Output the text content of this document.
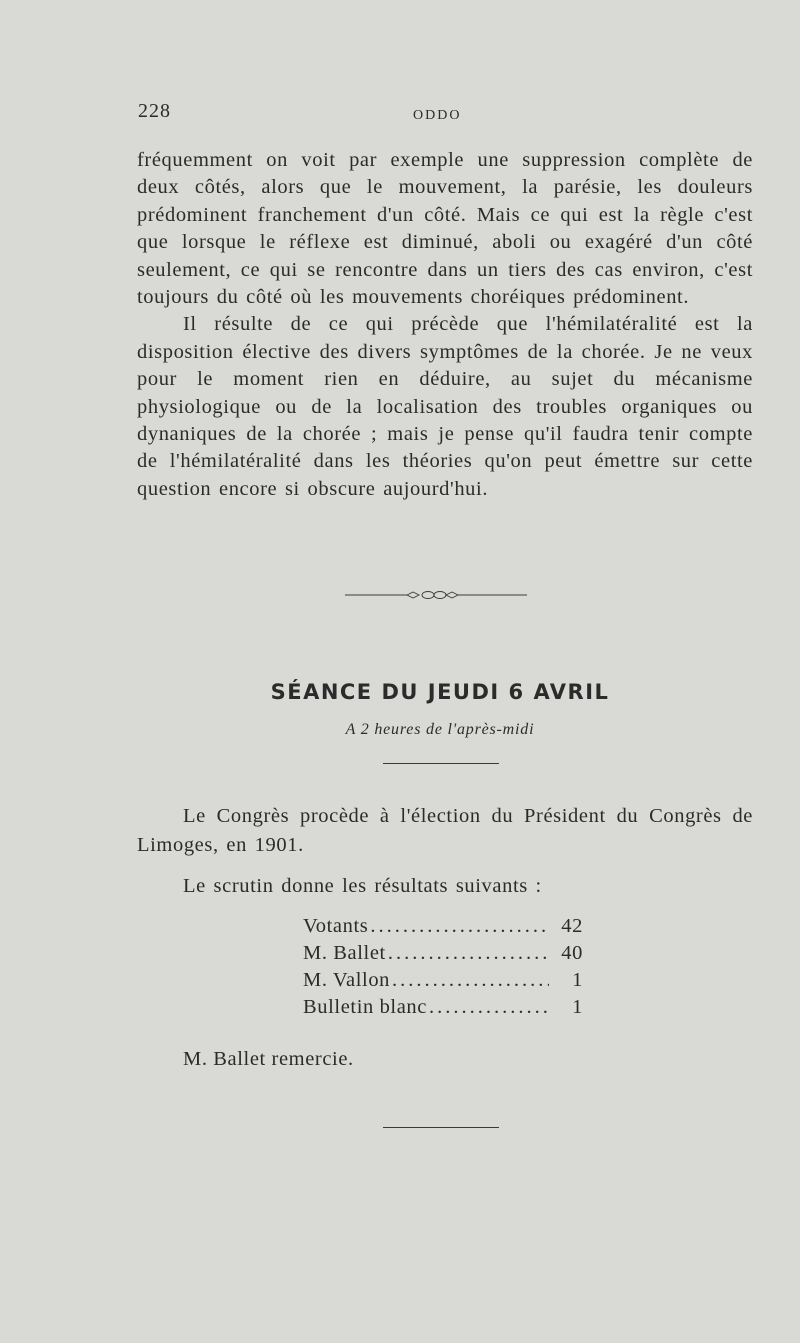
228	ODDO

fréquemment on voit par exemple une suppression complète de deux côtés, alors que le mouvement, la parésie, les douleurs prédominent franchement d'un côté. Mais ce qui est la règle c'est que lorsque le réflexe est diminué, aboli ou exagéré d'un côté seulement, ce qui se rencontre dans un tiers des cas environ, c'est toujours du côté où les mouvements choréiques prédominent.

Il résulte de ce qui précède que l'hémilatéralité est la disposition élective des divers symptômes de la chorée. Je ne veux pour le moment rien en déduire, au sujet du mécanisme physiologique ou de la localisation des troubles organiques ou dynaniques de la chorée ; mais je pense qu'il faudra tenir compte de l'hémilatéralité dans les théories qu'on peut émettre sur cette question encore si obscure aujourd'hui.

SÉANCE DU JEUDI 6 AVRIL
A 2 heures de l'après-midi

Le Congrès procède à l'élection du Président du Congrès de Limoges, en 1901.

Le scrutin donne les résultats suivants :

Votants .....	42
M. Ballet .....	40
M. Vallon .....	1
Bulletin blanc .....	1
M. Ballet remercie.
